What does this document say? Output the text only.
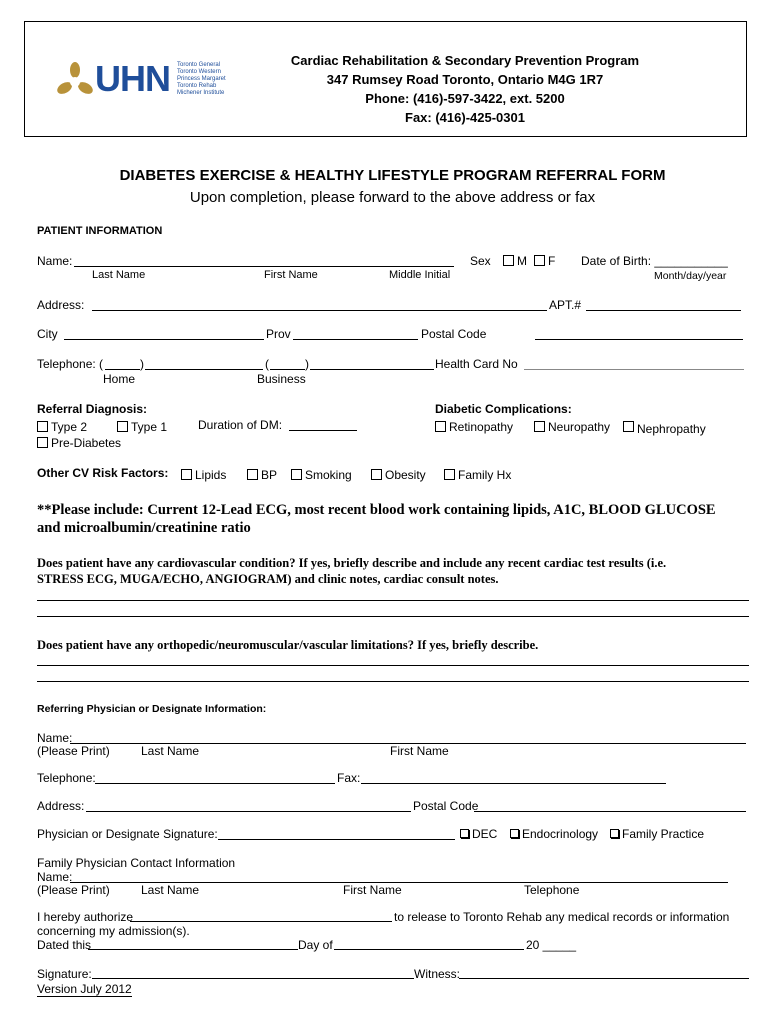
UHN Toronto General
Toronto Western
Princess Margaret
Toronto Rehab
Michener Institute
Cardiac Rehabilitation & Secondary Prevention Program
347 Rumsey Road Toronto, Ontario M4G 1R7
Phone: (416)-597-3422, ext. 5200
Fax: (416)-425-0301
DIABETES EXERCISE & HEALTHY LIFESTYLE PROGRAM REFERRAL FORM
Upon completion, please forward to the above address or fax
PATIENT INFORMATION
Name:	Sex	M	F Date of Birth: ___________
Last Name	First Name	Middle Initial	Month/day/year
Address:	APT.#
City	Prov	Postal Code
Telephone: (	)	(	)	Health Card No
Home	Business
Referral Diagnosis:
Type 2	Type 1
Pre-Diabetes
Duration of DM:
Diabetic Complications:
Retinopathy	Neuropathy	Nephropathy
Other CV Risk Factors:	Lipids	BP	Smoking	Obesity	Family Hx
**Please include: Current 12-Lead ECG, most recent blood work containing lipids, A1C, BLOOD GLUCOSE
and microalbumin/creatinine ratio
Does patient have any cardiovascular condition? If yes, briefly describe and include any recent cardiac test results (i.e.
STRESS ECG, MUGA/ECHO, ANGIOGRAM) and clinic notes, cardiac consult notes.
Does patient have any orthopedic/neuromuscular/vascular limitations? If yes, briefly describe.
Referring Physician or Designate Information:
Name:
(Please Print)	Last Name	First Name
Telephone:	Fax:
Address:	Postal Code
Physician or Designate Signature:	DEC	Endocrinology	Family Practice
Family Physician Contact Information
Name:
(Please Print)	Last Name	First Name	Telephone
I hereby authorize	to release to Toronto Rehab any medical records or information
concerning my admission(s).
Dated this	Day of	20 _____
Signature:	Witness:
Version July 2012
